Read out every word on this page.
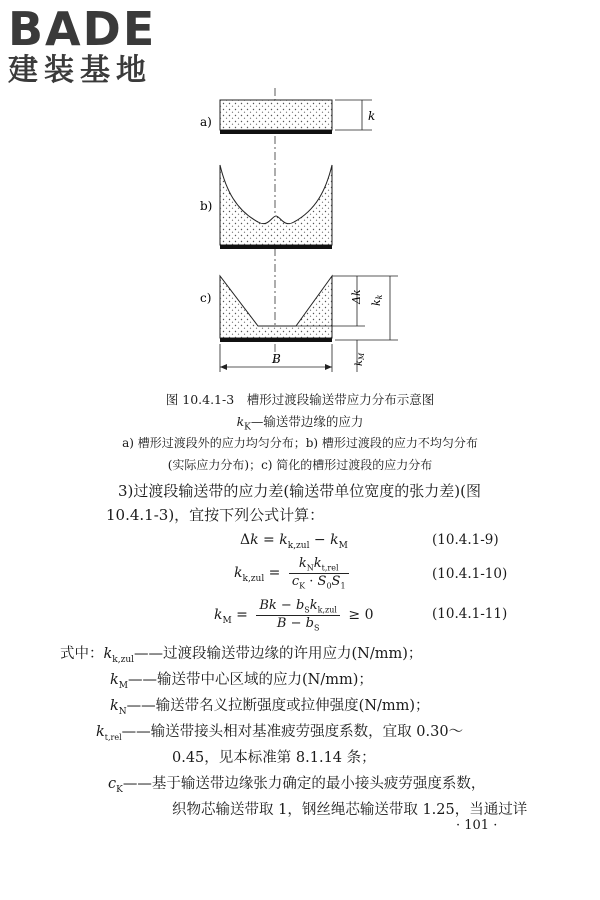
BADE
建装基地
a)	k
b)
c)	Δk kk
$k_M$
B
图 10.4.1-3　槽形过渡段输送带应力分布示意图
$k_K—$输送带边缘的应力
a) 槽形过渡段外的应力均匀分布；b) 槽形过渡段的应力不均匀分布
(实际应力分布)；c) 简化的槽形过渡段的应力分布
3)过渡段输送带的应力差(输送带单位宽度的张力差)(图
10.4.1-3)，宜按下列公式计算：
$\Delta k = k_{k,zul} - k_M$	(10.4.1-9)
$k_{k,zul} = \frac{k_Nk_{t,rel}}{c_K \cdot S_0S_1}$	(10.4.1-10)
$k_M = \frac{Bk - b_Sk_{k,zul}}{B - b_S} \ge 0$	(10.4.1-11)
式中：$k_{k,zul}——$过渡段输送带边缘的许用应力(N/mm)；
$k_M——$输送带中心区域的应力(N/mm)；
$k_N——$输送带名义拉断强度或拉伸强度(N/mm)；
$k_{t,rel}——$输送带接头相对基准疲劳强度系数，宜取 0.30～
0.45，见本标准第 8.1.14 条；
$c_K——$基于输送带边缘张力确定的最小接头疲劳强度系数，
织物芯输送带取 1，钢丝绳芯输送带取 1.25，当通过详
· 101 ·
